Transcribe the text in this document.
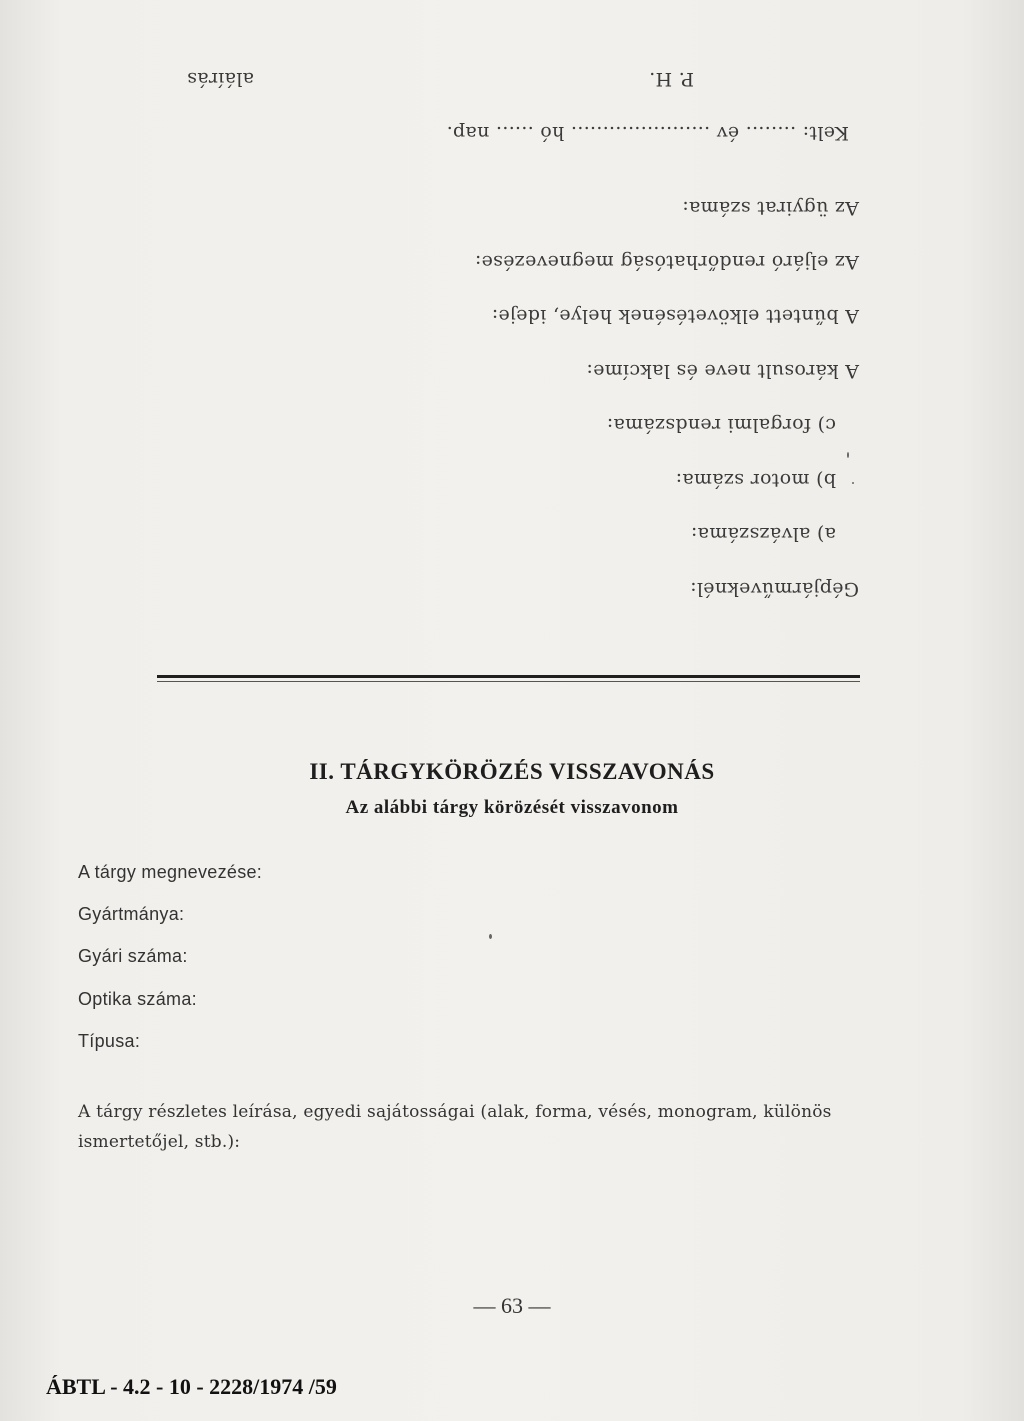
P. H.
aláírás
Kelt: ........ év ...................... hó ...... nap.
Az ügyirat száma:
Az eljáró rendőrhatóság megnevezése:
A bűntett elkövetésének helye, ideje:
A károsult neve és lakcíme:
c) forgalmi rendszáma:
b) motor száma:
a) alvázszáma:
Gépjárműveknél:
II. TÁRGYKÖRÖZÉS VISSZAVONÁS
Az alábbi tárgy körözését visszavonom
A tárgy megnevezése:
Gyártmánya:
Gyári száma:
Optika száma:
Típusa:
A tárgy részletes leírása, egyedi sajátosságai (alak, forma, vésés, monogram, különös ismertetőjel, stb.):
— 63 —
ÁBTL - 4.2 - 10 - 2228/1974 /59
